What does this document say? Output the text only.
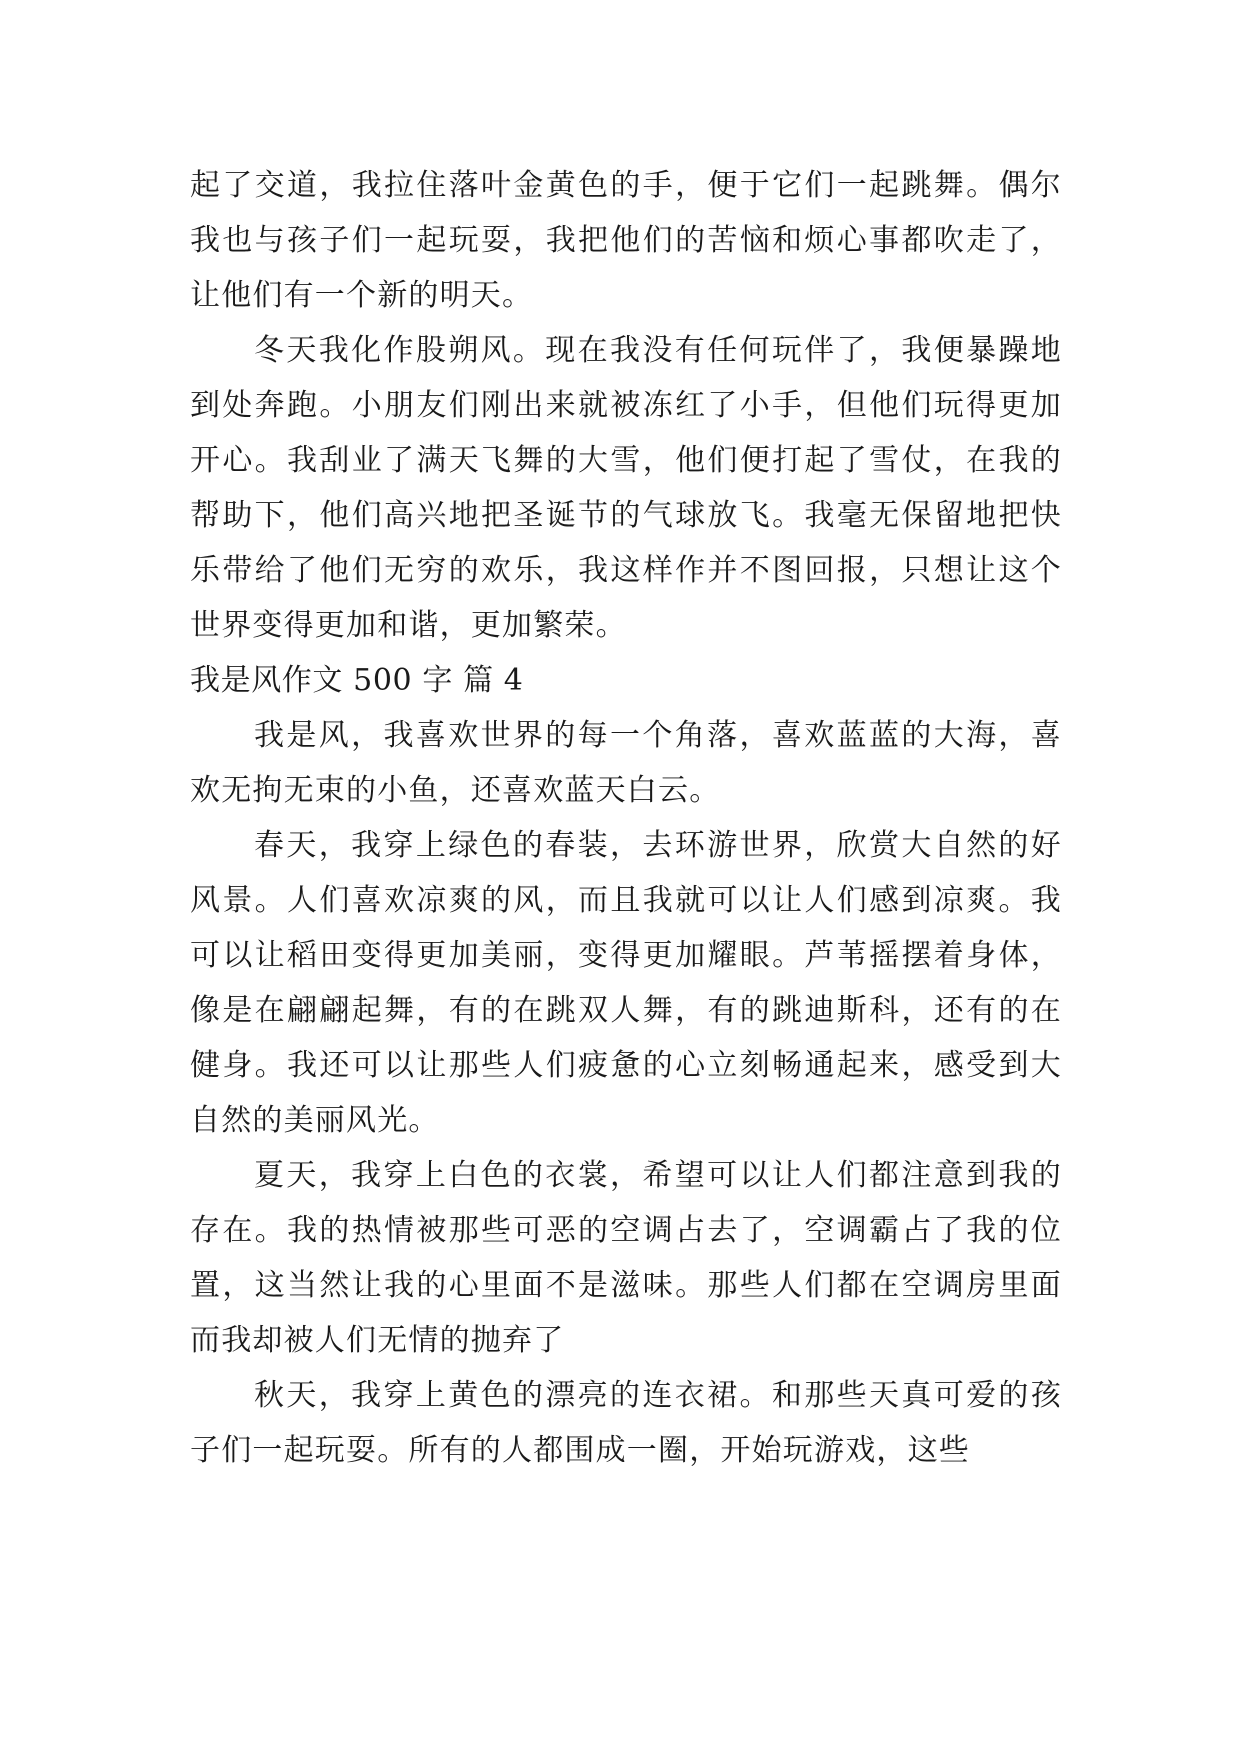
起了交道，我拉住落叶金黄色的手，便于它们一起跳舞。偶尔我也与孩子们一起玩耍，我把他们的苦恼和烦心事都吹走了，让他们有一个新的明天。

冬天我化作股朔风。现在我没有任何玩伴了，我便暴躁地到处奔跑。小朋友们刚出来就被冻红了小手，但他们玩得更加开心。我刮业了满天飞舞的大雪，他们便打起了雪仗，在我的帮助下，他们高兴地把圣诞节的气球放飞。我毫无保留地把快乐带给了他们无穷的欢乐，我这样作并不图回报，只想让这个世界变得更加和谐，更加繁荣。

我是风作文 500 字 篇 4

我是风，我喜欢世界的每一个角落，喜欢蓝蓝的大海，喜欢无拘无束的小鱼，还喜欢蓝天白云。

春天，我穿上绿色的春装，去环游世界，欣赏大自然的好风景。人们喜欢凉爽的风，而且我就可以让人们感到凉爽。我可以让稻田变得更加美丽，变得更加耀眼。芦苇摇摆着身体，像是在翩翩起舞，有的在跳双人舞，有的跳迪斯科，还有的在健身。我还可以让那些人们疲惫的心立刻畅通起来，感受到大自然的美丽风光。

夏天，我穿上白色的衣裳，希望可以让人们都注意到我的存在。我的热情被那些可恶的空调占去了，空调霸占了我的位置，这当然让我的心里面不是滋味。那些人们都在空调房里面而我却被人们无情的抛弃了

秋天，我穿上黄色的漂亮的连衣裙。和那些天真可爱的孩子们一起玩耍。所有的人都围成一圈，开始玩游戏，这些
